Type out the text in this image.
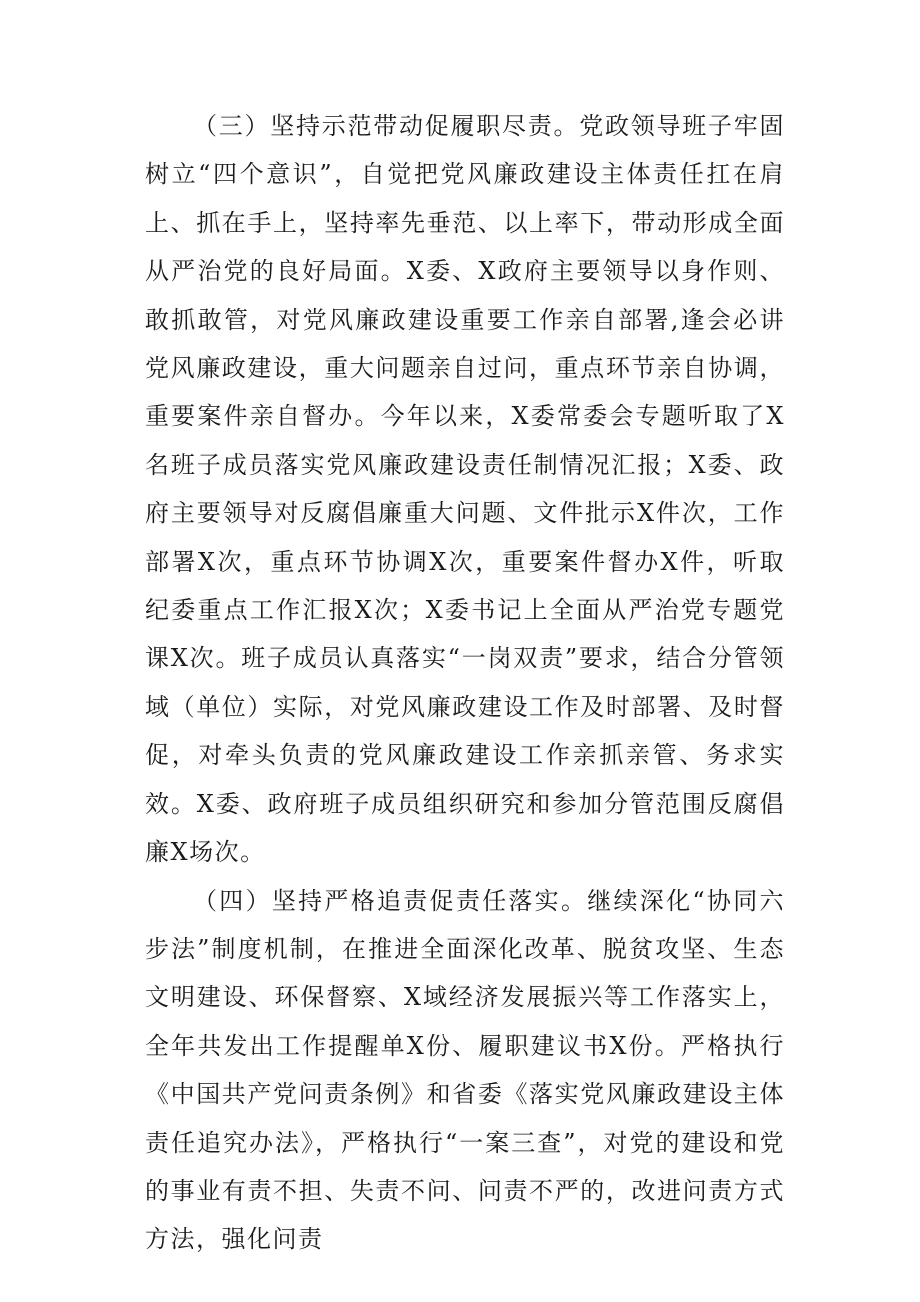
（三）坚持示范带动促履职尽责。党政领导班子牢固树立“四个意识”，自觉把党风廉政建设主体责任扛在肩上、抓在手上，坚持率先垂范、以上率下，带动形成全面从严治党的良好局面。X委、X政府主要领导以身作则、敢抓敢管，对党风廉政建设重要工作亲自部署,逢会必讲党风廉政建设，重大问题亲自过问，重点环节亲自协调，重要案件亲自督办。今年以来，X委常委会专题听取了X名班子成员落实党风廉政建设责任制情况汇报；X委、政府主要领导对反腐倡廉重大问题、文件批示X件次，工作部署X次，重点环节协调X次，重要案件督办X件，听取纪委重点工作汇报X次；X委书记上全面从严治党专题党课X次。班子成员认真落实“一岗双责”要求，结合分管领域（单位）实际，对党风廉政建设工作及时部署、及时督促，对牵头负责的党风廉政建设工作亲抓亲管、务求实效。X委、政府班子成员组织研究和参加分管范围反腐倡廉X场次。

（四）坚持严格追责促责任落实。继续深化“协同六步法”制度机制，在推进全面深化改革、脱贫攻坚、生态文明建设、环保督察、X域经济发展振兴等工作落实上，全年共发出工作提醒单X份、履职建议书X份。严格执行《中国共产党问责条例》和省委《落实党风廉政建设主体责任追究办法》，严格执行“一案三查”，对党的建设和党的事业有责不担、失责不问、问责不严的，改进问责方式方法，强化问责
